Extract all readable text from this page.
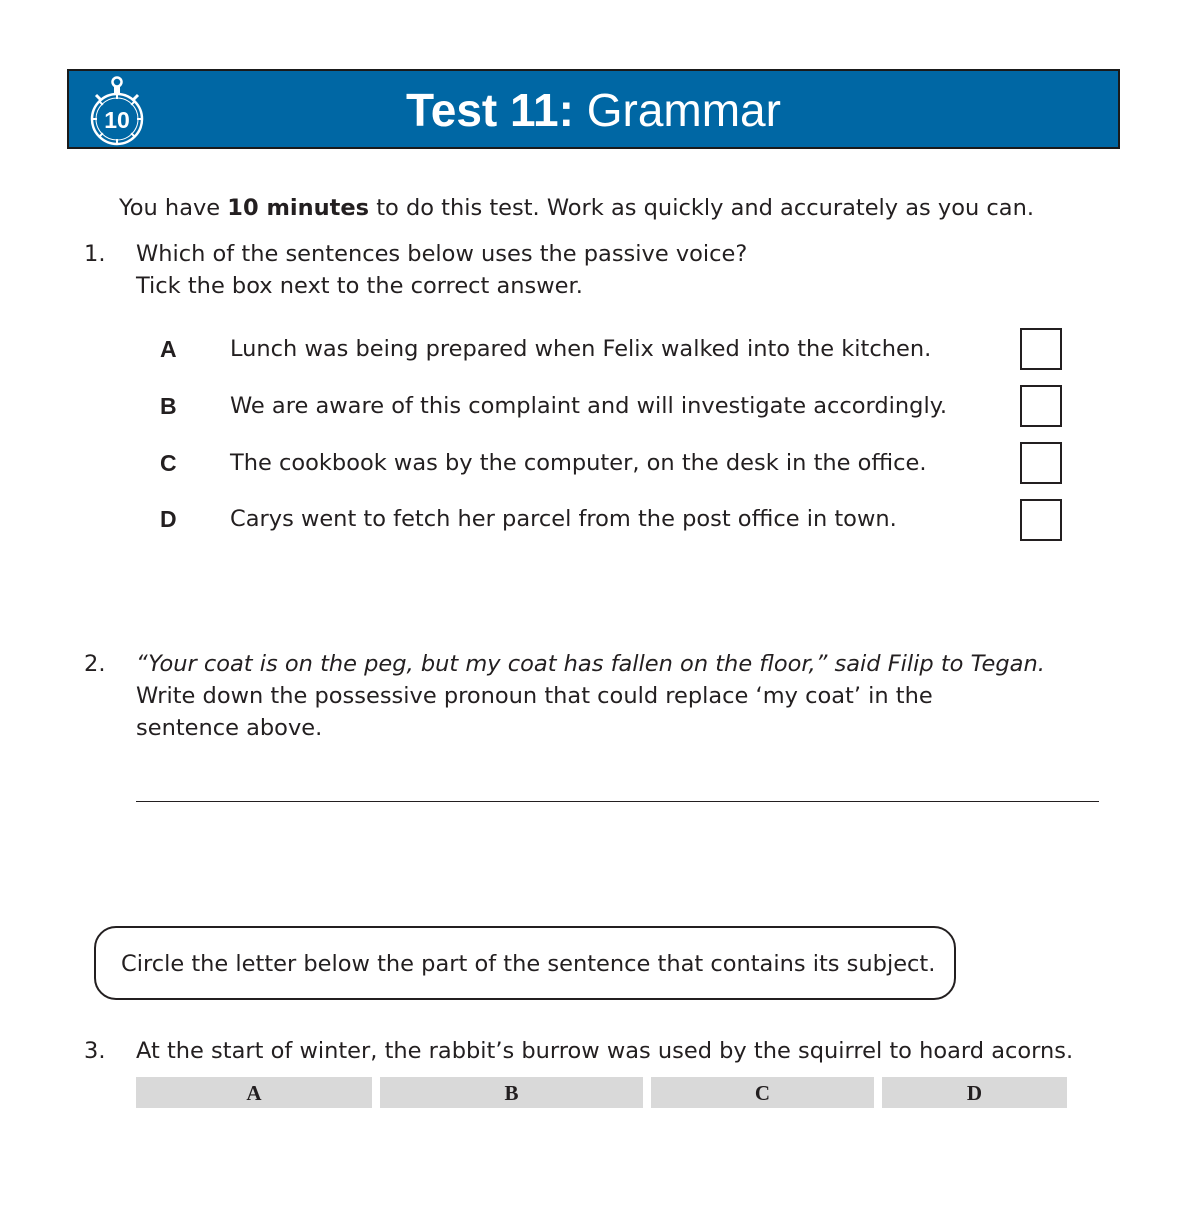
10	Test 11: Grammar
You have 10 minutes to do this test. Work as quickly and accurately as you can.
1. Which of the sentences below uses the passive voice?
Tick the box next to the correct answer.
A Lunch was being prepared when Felix walked into the kitchen.
B We are aware of this complaint and will investigate accordingly.
C The cookbook was by the computer, on the desk in the office.
D Carys went to fetch her parcel from the post office in town.
2. “Your coat is on the peg, but my coat has fallen on the floor,” said Filip to Tegan.
Write down the possessive pronoun that could replace ‘my coat’ in the
sentence above.
Circle the letter below the part of the sentence that contains its subject.
3. At the start of winter, the rabbit’s burrow was used by the squirrel to hoard acorns.
A	B	C	D
